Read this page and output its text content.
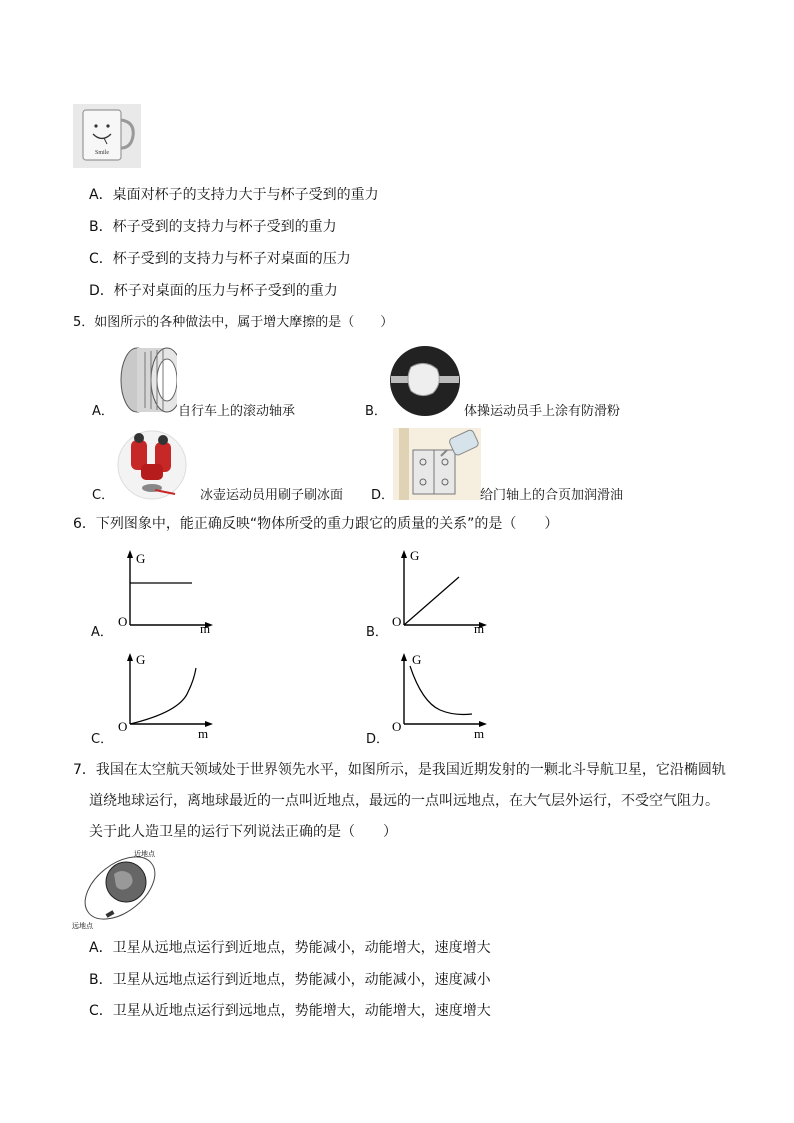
Smile
A．桌面对杯子的支持力大于与杯子受到的重力
B．杯子受到的支持力与杯子受到的重力
C．杯子受到的支持力与杯子对桌面的压力
D．杯子对桌面的压力与杯子受到的重力
5．如图所示的各种做法中，属于增大摩擦的是（　　）
A．	自行车上的滚动轴承	B．	体操运动员手上涂有防滑粉
C．	冰壶运动员用刷子刷冰面 D．	给门轴上的合页加润滑油
6．下列图象中，能正确反映“物体所受的重力跟它的质量的关系”的是（　　）
G
O	m
A．
G
O	m
B．
G
O	m
C．
G
O	m
D．
7．我国在太空航天领域处于世界领先水平，如图所示，是我国近期发射的一颗北斗导航卫星，它沿椭圆轨
道绕地球运行，离地球最近的一点叫近地点，最远的一点叫远地点，在大气层外运行，不受空气阻力。
关于此人造卫星的运行下列说法正确的是（　　）
近地点
远地点
A．卫星从远地点运行到近地点，势能减小，动能增大，速度增大
B．卫星从远地点运行到近地点，势能减小，动能减小，速度减小
C．卫星从近地点运行到远地点，势能增大，动能增大，速度增大
